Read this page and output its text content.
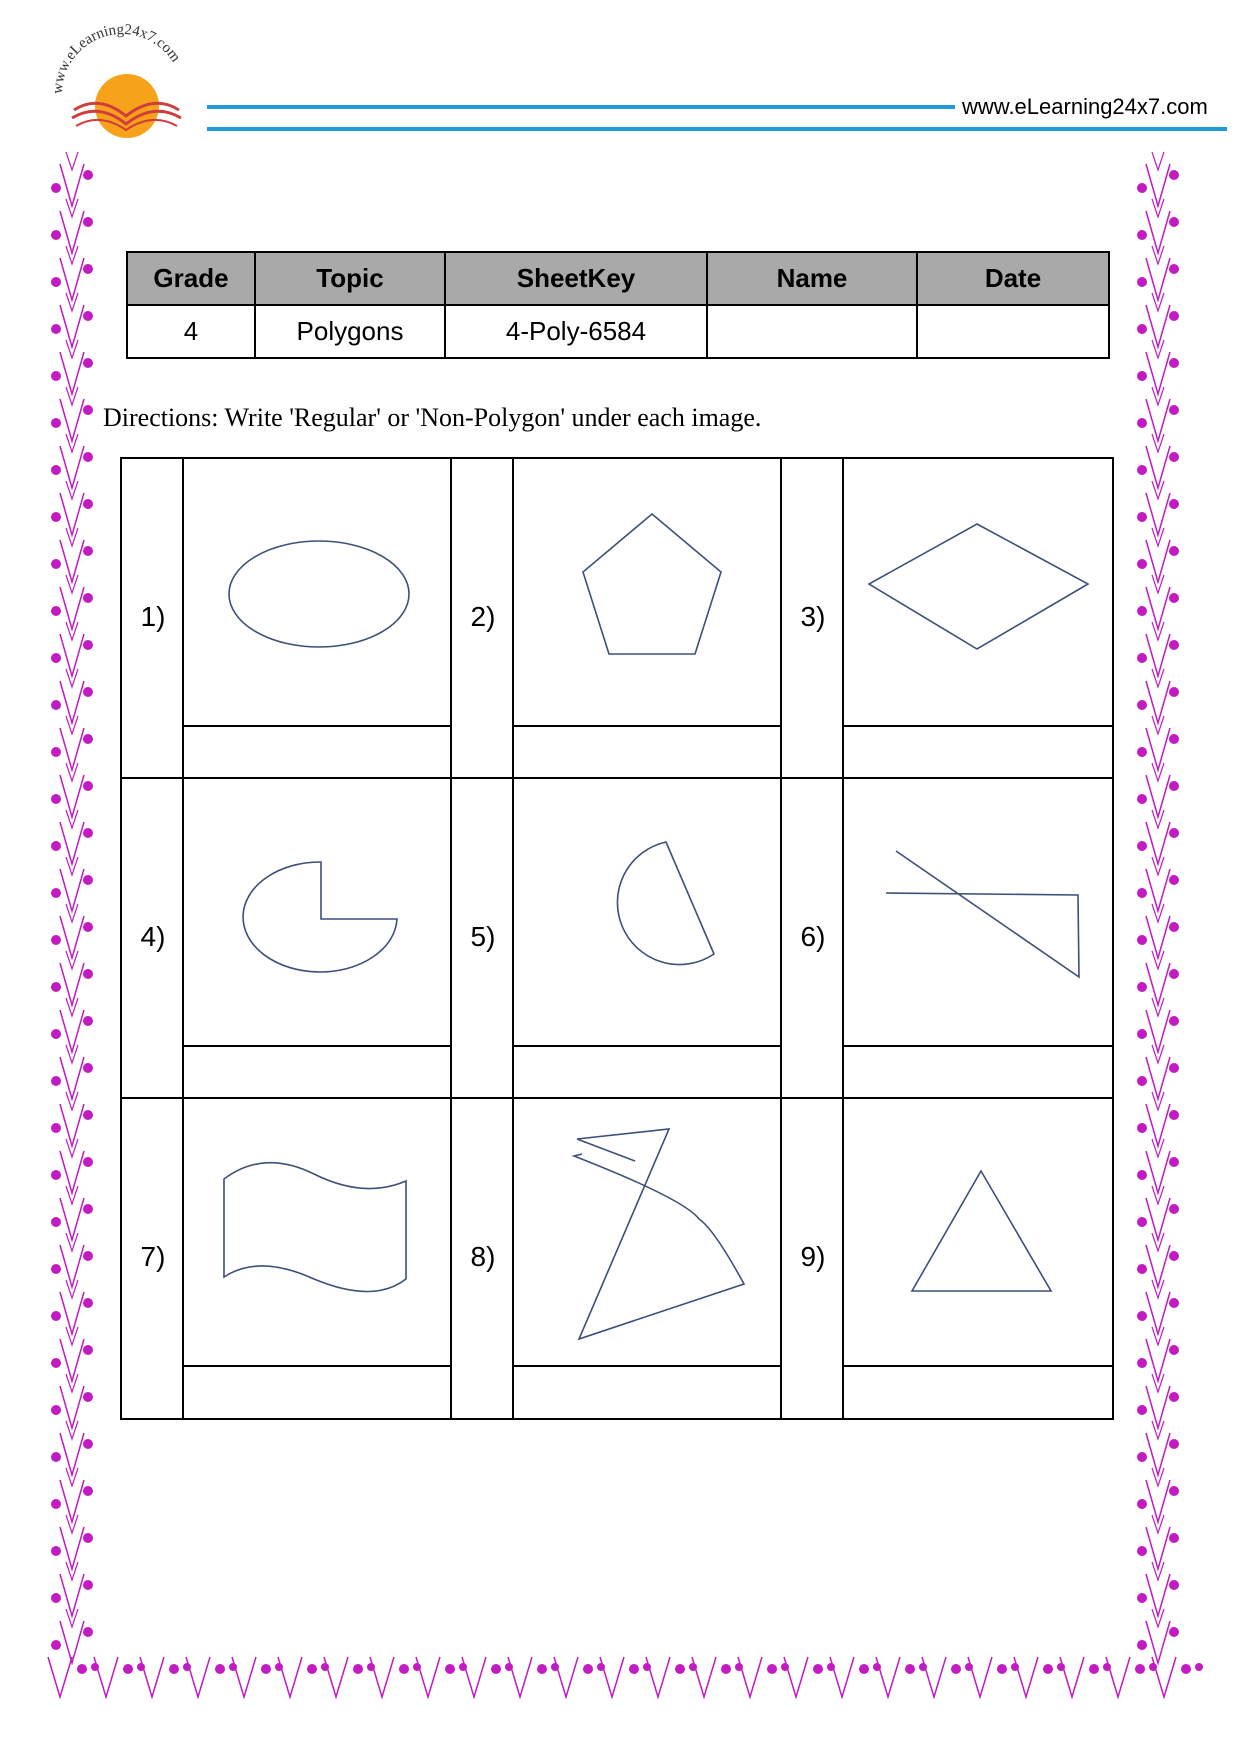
www.eLearning24x7.com
www.eLearning24x7.com
Grade	Topic	SheetKey	Name	Date
4	Polygons	4-Poly-6584		
Directions: Write 'Regular' or 'Non-Polygon' under each image.
1)	2)	3)
4)	5)	6)
7)	8)	9)
